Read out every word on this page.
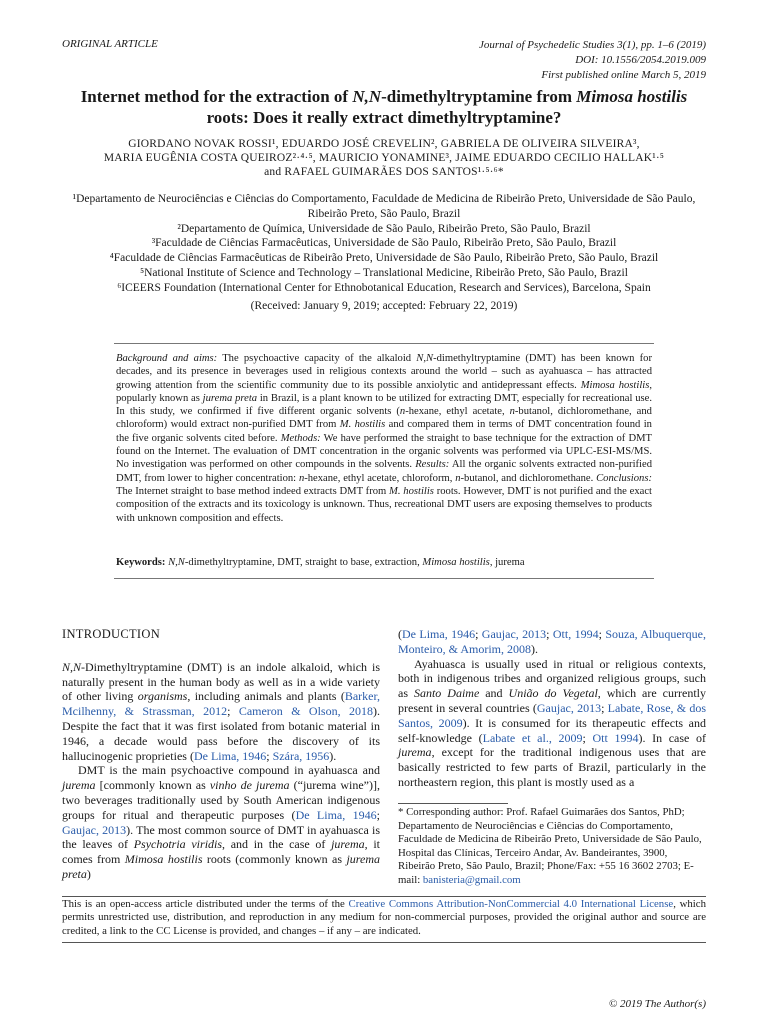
ORIGINAL ARTICLE	Journal of Psychedelic Studies 3(1), pp. 1–6 (2019)
DOI: 10.1556/2054.2019.009
First published online March 5, 2019
Internet method for the extraction of N,N-dimethyltryptamine from Mimosa hostilis roots: Does it really extract dimethyltryptamine?
GIORDANO NOVAK ROSSI¹, EDUARDO JOSÉ CREVELIN², GABRIELA DE OLIVEIRA SILVEIRA³,
MARIA EUGÊNIA COSTA QUEIROZ²·⁴·⁵, MAURICIO YONAMINE³, JAIME EDUARDO CECILIO HALLAK¹·⁵
and RAFAEL GUIMARÃES DOS SANTOS¹·⁵·⁶*
¹Departamento de Neurociências e Ciências do Comportamento, Faculdade de Medicina de Ribeirão Preto, Universidade de São Paulo, Ribeirão Preto, São Paulo, Brazil
²Departamento de Química, Universidade de São Paulo, Ribeirão Preto, São Paulo, Brazil
³Faculdade de Ciências Farmacêuticas, Universidade de São Paulo, Ribeirão Preto, São Paulo, Brazil
⁴Faculdade de Ciências Farmacêuticas de Ribeirão Preto, Universidade de São Paulo, Ribeirão Preto, São Paulo, Brazil
⁵National Institute of Science and Technology – Translational Medicine, Ribeirão Preto, São Paulo, Brazil
⁶ICEERS Foundation (International Center for Ethnobotanical Education, Research and Services), Barcelona, Spain
(Received: January 9, 2019; accepted: February 22, 2019)
Background and aims: The psychoactive capacity of the alkaloid N,N-dimethyltryptamine (DMT) has been known for decades, and its presence in beverages used in religious contexts around the world – such as ayahuasca – has attracted growing attention from the scientific community due to its possible anxiolytic and antidepressant effects. Mimosa hostilis, popularly known as jurema preta in Brazil, is a plant known to be utilized for extracting DMT, especially for recreational use. In this study, we confirmed if five different organic solvents (n-hexane, ethyl acetate, n-butanol, dichloromethane, and chloroform) would extract non-purified DMT from M. hostilis and compared them in terms of DMT concentration found in the five organic solvents cited before. Methods: We have performed the straight to base technique for the extraction of DMT found on the Internet. The evaluation of DMT concentration in the organic solvents was performed via UPLC-ESI-MS/MS. No investigation was performed on other compounds in the solvents. Results: All the organic solvents extracted non-purified DMT, from lower to higher concentration: n-hexane, ethyl acetate, chloroform, n-butanol, and dichloromethane. Conclusions: The Internet straight to base method indeed extracts DMT from M. hostilis roots. However, DMT is not purified and the exact composition of the extracts and its toxicology is unknown. Thus, recreational DMT users are exposing themselves to products with unknown composition and effects.
Keywords: N,N-dimethyltryptamine, DMT, straight to base, extraction, Mimosa hostilis, jurema
INTRODUCTION

N,N-Dimethyltryptamine (DMT) is an indole alkaloid, which is naturally present in the human body as well as in a wide variety of other living organisms, including animals and plants (Barker, Mcilhenny, & Strassman, 2012; Cameron & Olson, 2018). Despite the fact that it was first isolated from botanic material in 1946, a decade would pass before the discovery of its hallucinogenic proprieties (De Lima, 1946; Szára, 1956).

DMT is the main psychoactive compound in ayahuasca and jurema [commonly known as vinho de jurema (“jurema wine”)], two beverages traditionally used by South American indigenous groups for ritual and therapeutic purposes (De Lima, 1946; Gaujac, 2013). The most common source of DMT in ayahuasca is the leaves of Psychotria viridis, and in the case of jurema, it comes from Mimosa hostilis roots (commonly known as jurema preta)

(De Lima, 1946; Gaujac, 2013; Ott, 1994; Souza, Albuquerque, Monteiro, & Amorim, 2008).

Ayahuasca is usually used in ritual or religious contexts, both in indigenous tribes and organized religious groups, such as Santo Daime and União do Vegetal, which are currently present in several countries (Gaujac, 2013; Labate, Rose, & dos Santos, 2009). It is consumed for its therapeutic effects and self-knowledge (Labate et al., 2009; Ott 1994). In case of jurema, except for the traditional indigenous uses that are basically restricted to few parts of Brazil, particularly in the northeastern region, this plant is mostly used as a

* Corresponding author: Prof. Rafael Guimarães dos Santos, PhD; Departamento de Neurociências e Ciências do Comportamento, Faculdade de Medicina de Ribeirão Preto, Universidade de São Paulo, Hospital das Clínicas, Terceiro Andar, Av. Bandeirantes, 3900, Ribeirão Preto, São Paulo, Brazil; Phone/Fax: +55 16 3602 2703; E-mail: banisteria@gmail.com
This is an open-access article distributed under the terms of the Creative Commons Attribution-NonCommercial 4.0 International License, which permits unrestricted use, distribution, and reproduction in any medium for non-commercial purposes, provided the original author and source are credited, a link to the CC License is provided, and changes – if any – are indicated.
© 2019 The Author(s)
